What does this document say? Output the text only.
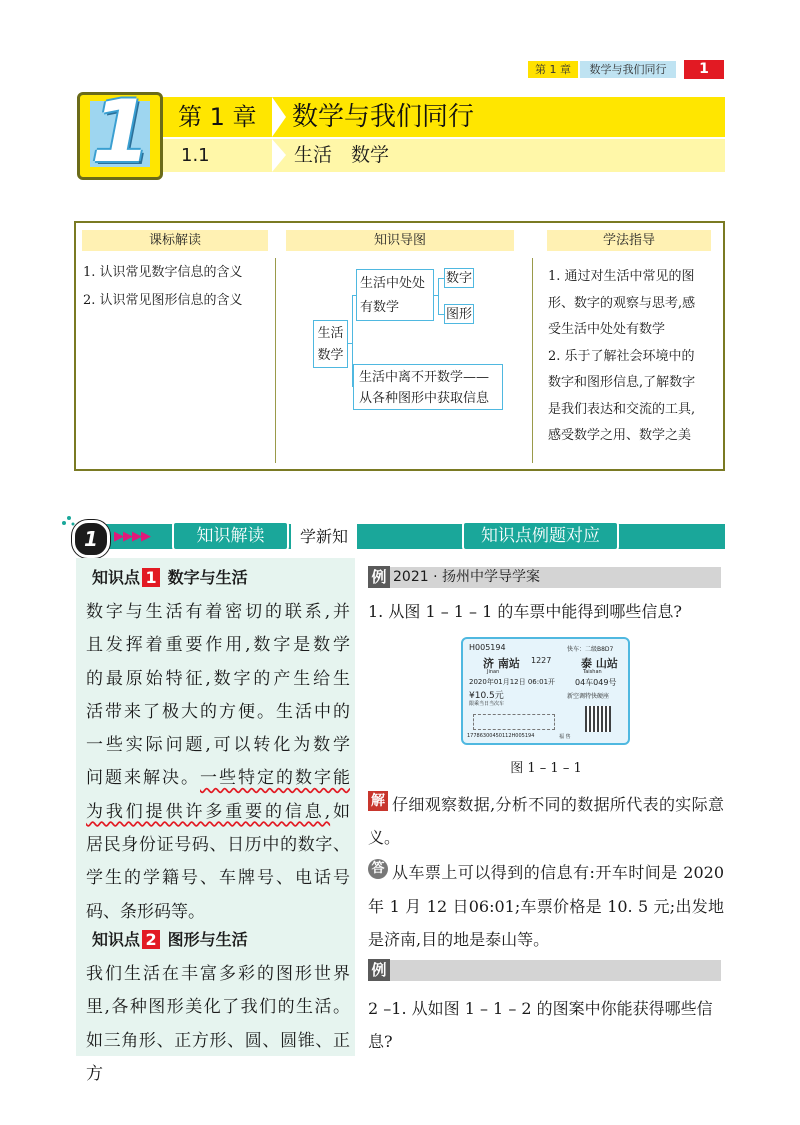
第 1 章	数学与我们同行	1
1 第 1 章 数学与我们同行
1.1	生活　数学
课标解读	知识导图	学法指导
1. 认识常见数字信息的含义
2. 认识常见图形信息的含义
生活
数学
生活中处处
有数学
数字
图形
生活中离不开数学——
从各种图形中获取信息
1. 通过对生活中常见的图
形、数字的观察与思考,感
受生活中处处有数学
2. 乐于了解社会环境中的
数字和图形信息,了解数字
是我们表达和交流的工具,
感受数学之用、数学之美
1	▶▶▶▶	知识解读	学新知	知识点例题对应
知识点 1 数字与生活
数字与生活有着密切的联系,并
且发挥着重要作用,数字是数学
的最原始特征,数字的产生给生
活带来了极大的方便。生活中的
一些实际问题,可以转化为数学
问题来解决。一些特定的数字能
为我们提供许多重要的信息,如
居民身份证号码、日历中的数字、
学生的学籍号、车牌号、电话号
码、条形码等。
知识点 2 图形与生活
我们生活在丰富多彩的图形世界
里,各种图形美化了我们的生活。
如三角形、正方形、圆、圆锥、正方
例 2021 · 扬州中学导学案
1. 从图 1 – 1 – 1 的车票中能得到哪些信息?
H005194	快车：二级B8D7
济 南站 1227	泰 山站
Jinan	Taishan
2020年01月12日 06:01开 04车049号
¥10.5元	新空调特快硬座
限乘当日当次车
17786300450112H005194	福 售
图 1 – 1 – 1
仔细观察数据,分析不同的数据所代表的实际意义。
解
从车票上可以得到的信息有:开车时间是 2020 年 1 月 12 日06:01;车票价格是 10. 5 元;出发地是济南,目的地是泰山等。
答
例
2 –1. 从如图 1 – 1 – 2 的图案中你能获得哪些信息?
